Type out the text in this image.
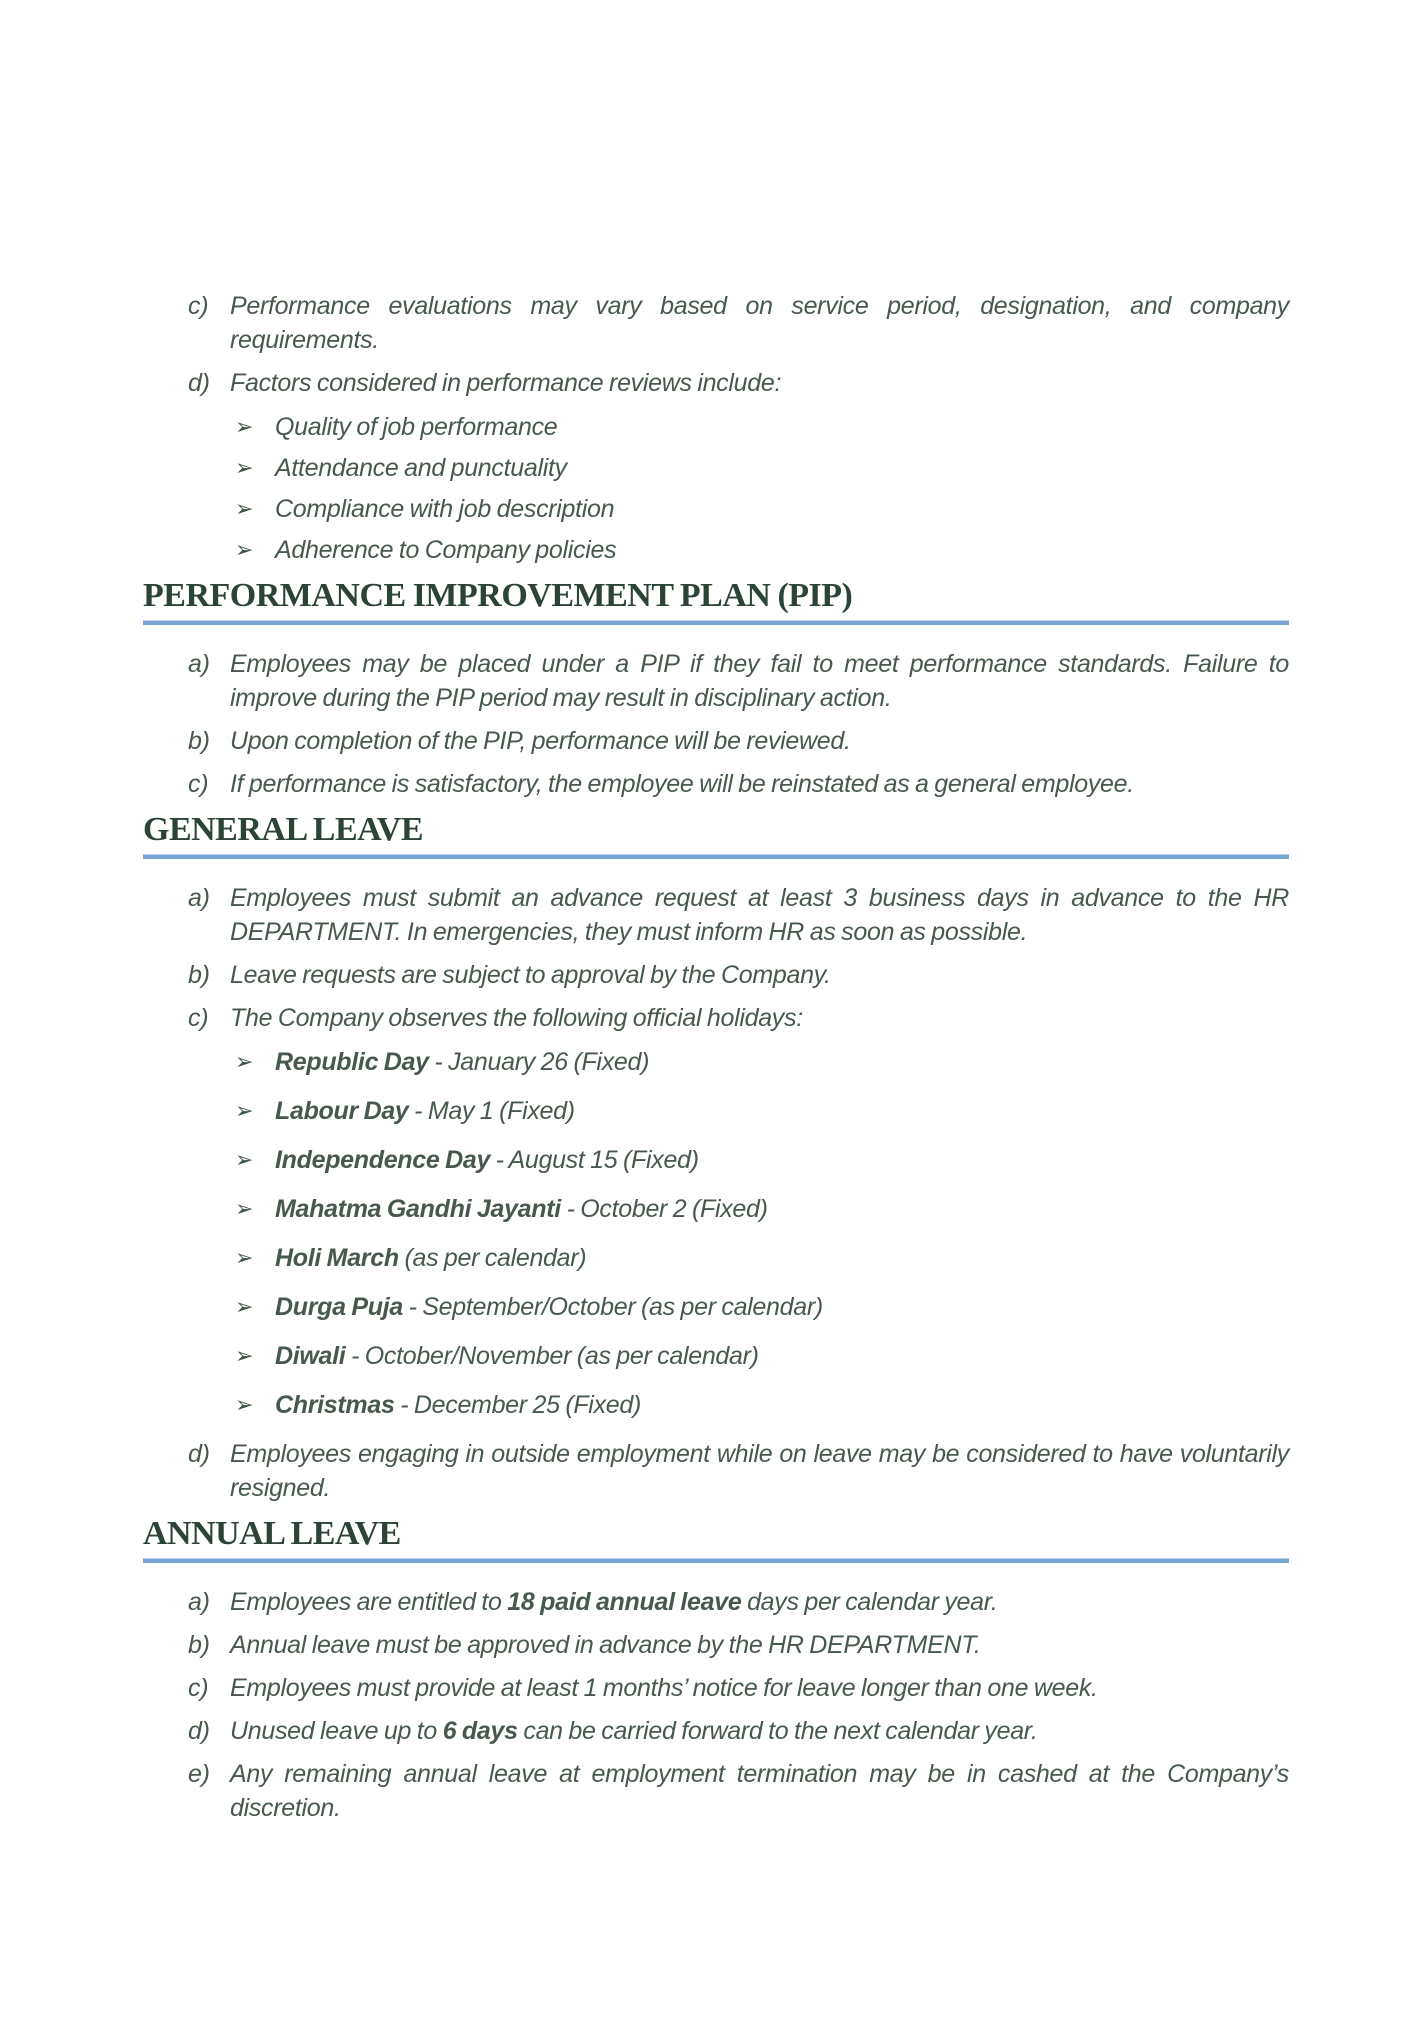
c) Performance evaluations may vary based on service period, designation, and company requirements.

d) Factors considered in performance reviews include:

➢ Quality of job performance
➢ Attendance and punctuality
➢ Compliance with job description
➢ Adherence to Company policies
PERFORMANCE IMPROVEMENT PLAN (PIP)
a) Employees may be placed under a PIP if they fail to meet performance standards. Failure to improve during the PIP period may result in disciplinary action.

b) Upon completion of the PIP, performance will be reviewed.

c) If performance is satisfactory, the employee will be reinstated as a general employee.

GENERAL LEAVE
a) Employees must submit an advance request at least 3 business days in advance to the HR DEPARTMENT. In emergencies, they must inform HR as soon as possible.

b) Leave requests are subject to approval by the Company.

c) The Company observes the following official holidays:

➢ Republic Day - January 26 (Fixed)
➢ Labour Day - May 1 (Fixed)
➢ Independence Day - August 15 (Fixed)
➢ Mahatma Gandhi Jayanti - October 2 (Fixed)
➢ Holi March (as per calendar)
➢ Durga Puja - September/October (as per calendar)
➢ Diwali - October/November (as per calendar)
➢ Christmas - December 25 (Fixed)
d) Employees engaging in outside employment while on leave may be considered to have voluntarily resigned.

ANNUAL LEAVE
a) Employees are entitled to 18 paid annual leave days per calendar year.

b) Annual leave must be approved in advance by the HR DEPARTMENT.

c) Employees must provide at least 1 months’ notice for leave longer than one week.

d) Unused leave up to 6 days can be carried forward to the next calendar year.

e) Any remaining annual leave at employment termination may be in cashed at the Company’s discretion.
